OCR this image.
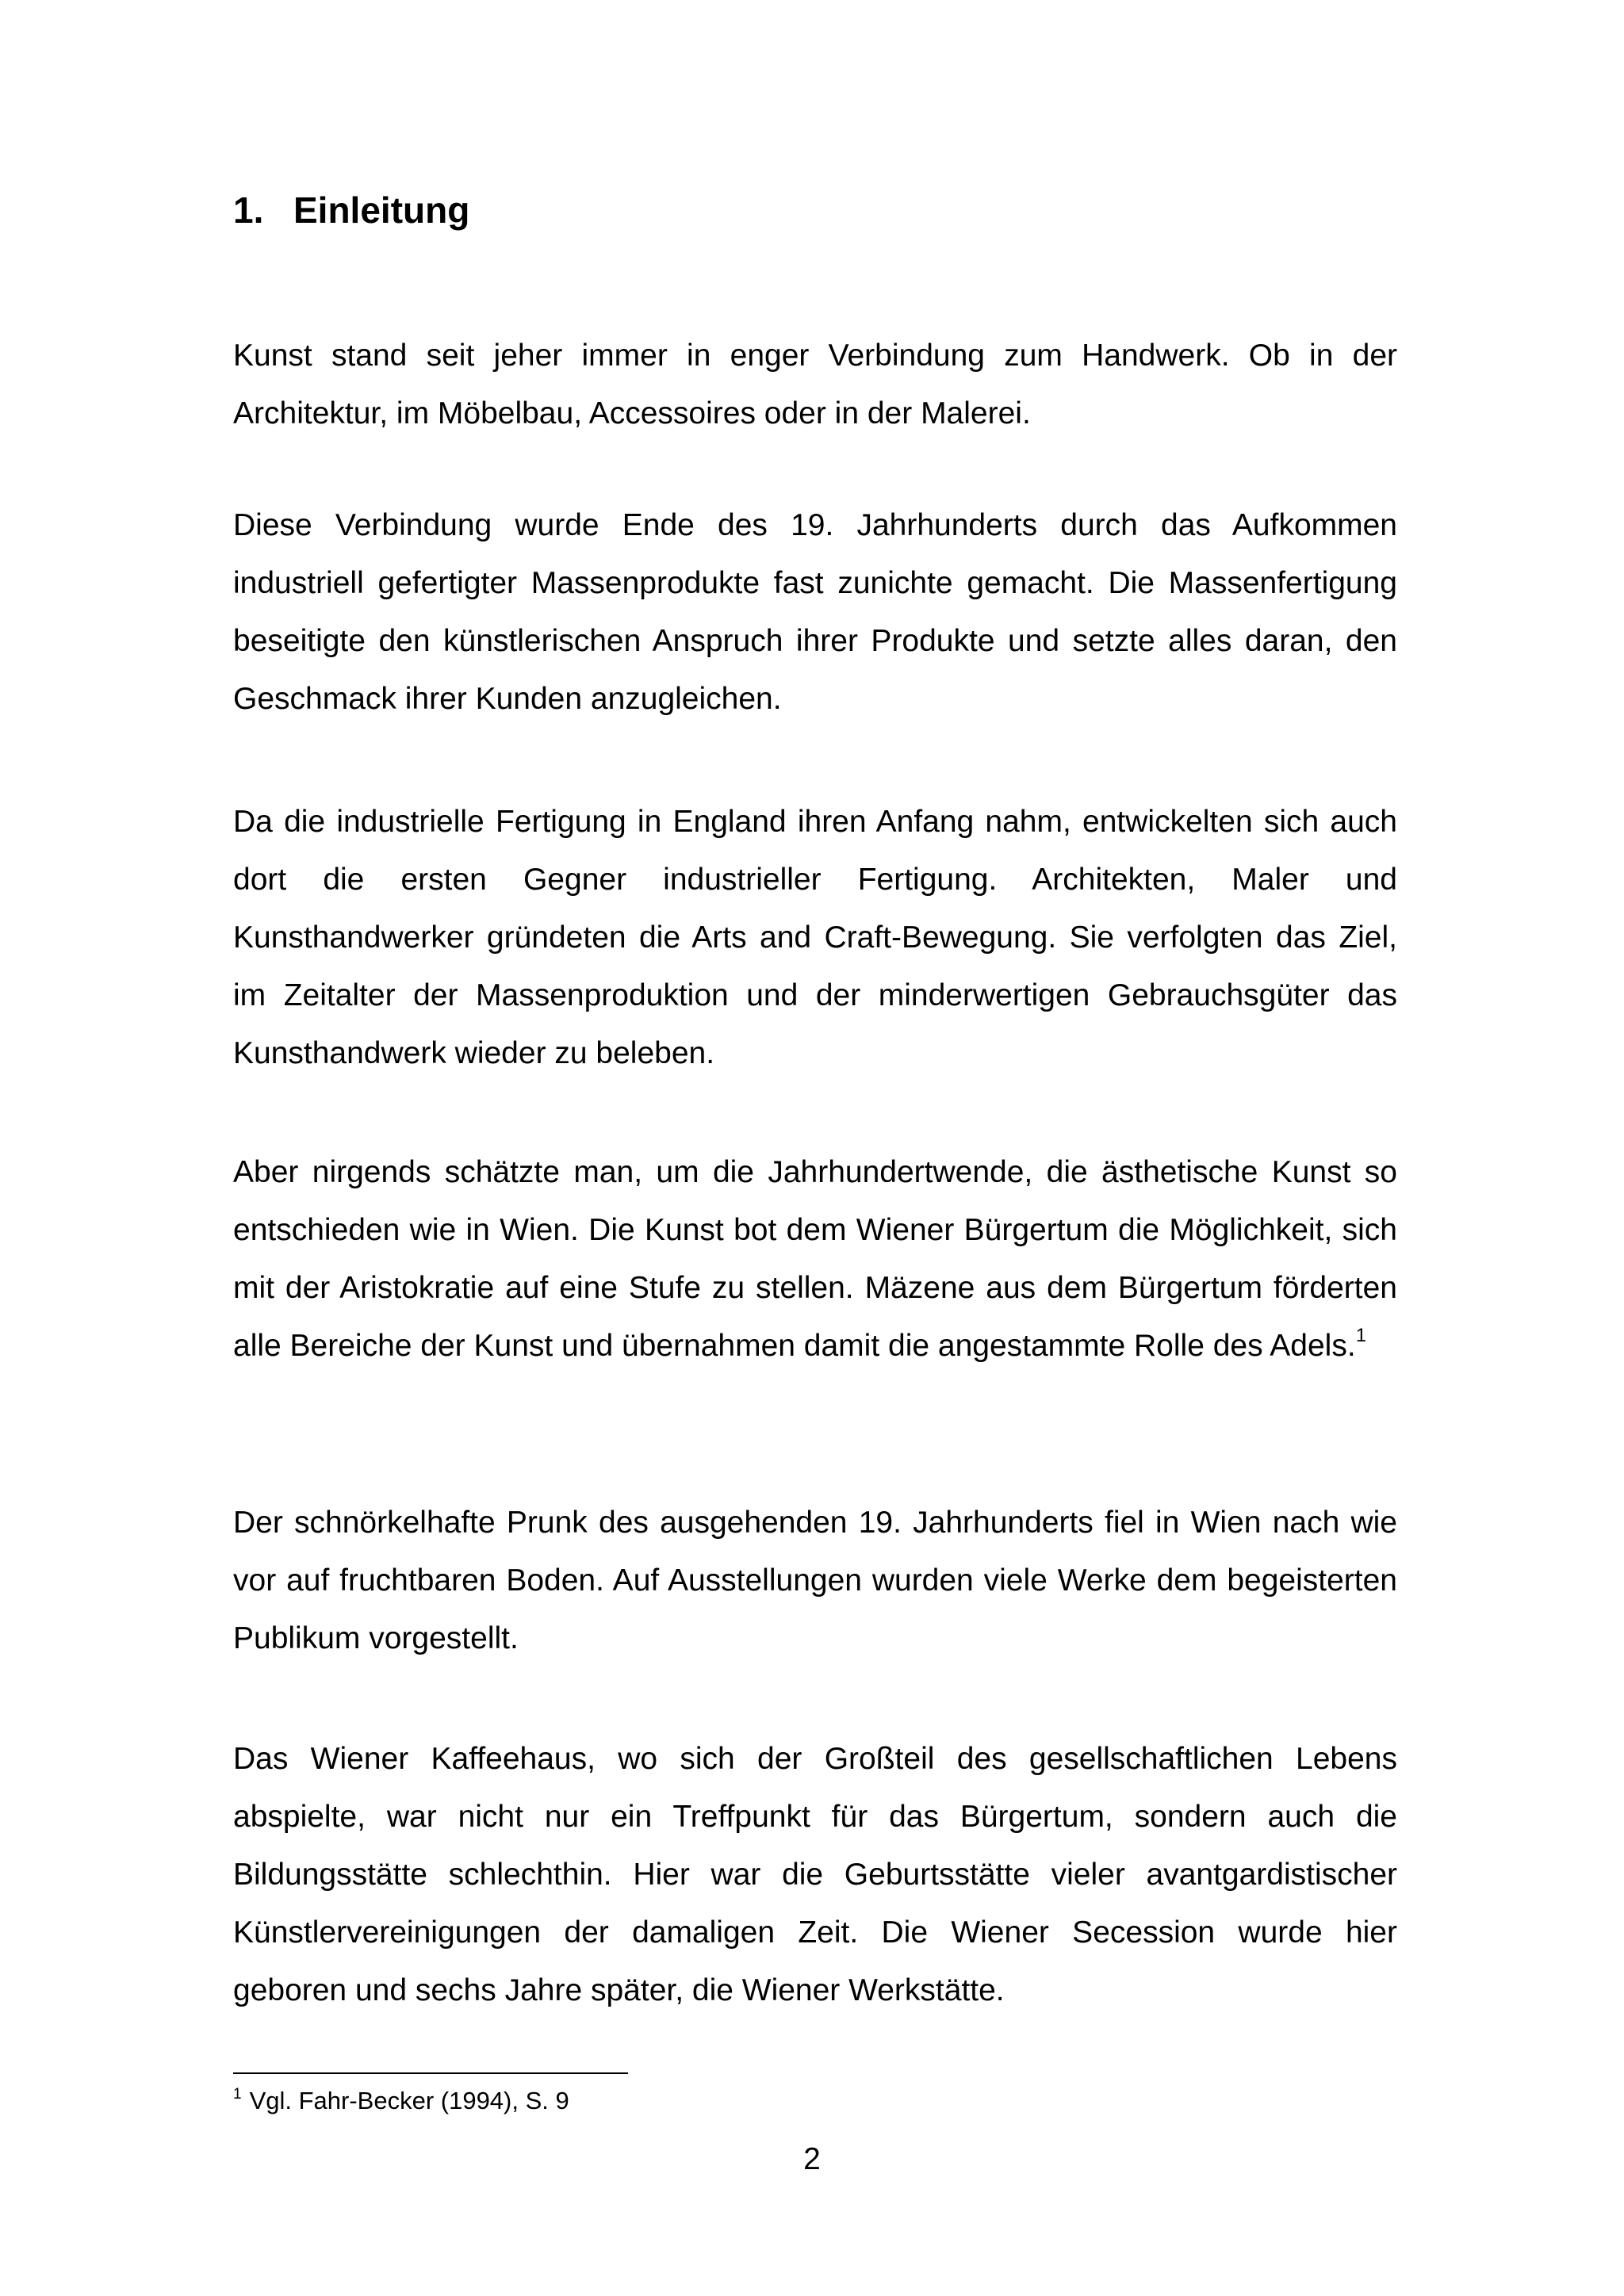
1. Einleitung

Kunst stand seit jeher immer in enger Verbindung zum Handwerk. Ob in der Architektur, im Möbelbau, Accessoires oder in der Malerei.

Diese Verbindung wurde Ende des 19. Jahrhunderts durch das Aufkommen industriell gefertigter Massenprodukte fast zunichte gemacht. Die Massenfertigung beseitigte den künstlerischen Anspruch ihrer Produkte und setzte alles daran, den Geschmack ihrer Kunden anzugleichen.

Da die industrielle Fertigung in England ihren Anfang nahm, entwickelten sich auch dort die ersten Gegner industrieller Fertigung. Architekten, Maler und Kunsthandwerker gründeten die Arts and Craft-Bewegung. Sie verfolgten das Ziel, im Zeitalter der Massenproduktion und der minderwertigen Gebrauchsgüter das Kunsthandwerk wieder zu beleben.

Aber nirgends schätzte man, um die Jahrhundertwende, die ästhetische Kunst so entschieden wie in Wien. Die Kunst bot dem Wiener Bürgertum die Möglichkeit, sich mit der Aristokratie auf eine Stufe zu stellen. Mäzene aus dem Bürgertum förderten alle Bereiche der Kunst und übernahmen damit die angestammte Rolle des Adels.$^1$

Der schnörkelhafte Prunk des ausgehenden 19. Jahrhunderts fiel in Wien nach wie vor auf fruchtbaren Boden. Auf Ausstellungen wurden viele Werke dem begeisterten Publikum vorgestellt.

Das Wiener Kaffeehaus, wo sich der Großteil des gesellschaftlichen Lebens abspielte, war nicht nur ein Treffpunkt für das Bürgertum, sondern auch die Bildungsstätte schlechthin. Hier war die Geburtsstätte vieler avantgardistischer Künstlervereinigungen der damaligen Zeit. Die Wiener Secession wurde hier geboren und sechs Jahre später, die Wiener Werkstätte.

$^1$ Vgl. Fahr-Becker (1994), S. 9

2
